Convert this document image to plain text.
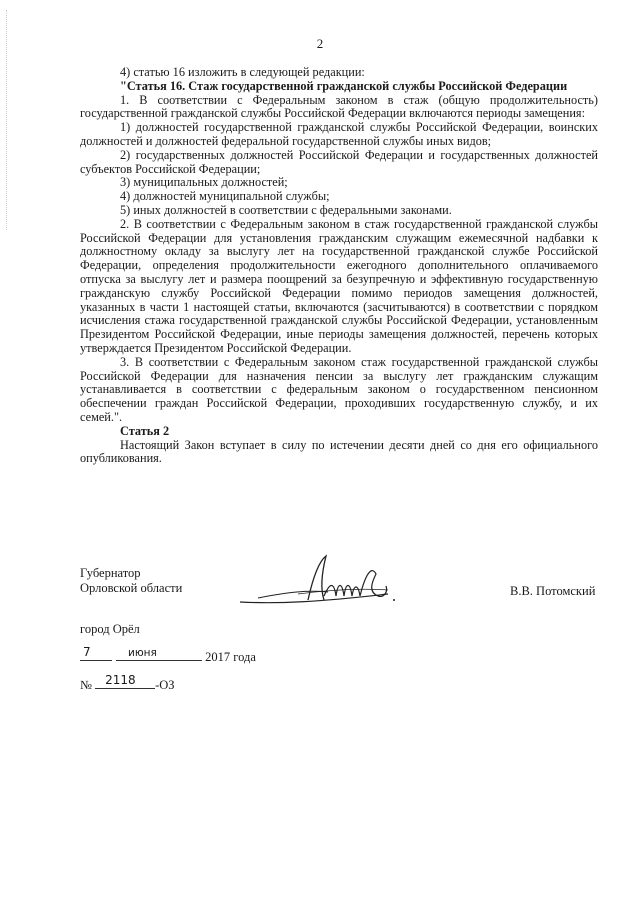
2

4) статью 16 изложить в следующей редакции:

"Статья 16. Стаж государственной гражданской службы Российской Федерации

1. В соответствии с Федеральным законом в стаж (общую продолжительность) государственной гражданской службы Российской Федерации включаются периоды замещения:

1) должностей государственной гражданской службы Российской Федерации, воинских должностей и должностей федеральной государственной службы иных видов;

2) государственных должностей Российской Федерации и государственных должностей субъектов Российской Федерации;

3) муниципальных должностей;

4) должностей муниципальной службы;

5) иных должностей в соответствии с федеральными законами.

2. В соответствии с Федеральным законом в стаж государственной гражданской службы Российской Федерации для установления гражданским служащим ежемесячной надбавки к должностному окладу за выслугу лет на государственной гражданской службе Российской Федерации, определения продолжительности ежегодного дополнительного оплачиваемого отпуска за выслугу лет и размера поощрений за безупречную и эффективную государственную гражданскую службу Российской Федерации помимо периодов замещения должностей, указанных в части 1 настоящей статьи, включаются (засчитываются) в соответствии с порядком исчисления стажа государственной гражданской службы Российской Федерации, установленным Президентом Российской Федерации, иные периоды замещения должностей, перечень которых утверждается Президентом Российской Федерации.

3. В соответствии с Федеральным законом стаж государственной гражданской службы Российской Федерации для назначения пенсии за выслугу лет гражданским служащим устанавливается в соответствии с федеральным законом о государственном пенсионном обеспечении граждан Российской Федерации, проходивших государственную службу, и их семей.".

Статья 2

Настоящий Закон вступает в силу по истечении десяти дней со дня его официального опубликования.

Губернатор
Орловской области	В.В. Потомский
город Орёл
7	июня	2017 года
№ 2118 -ОЗ
